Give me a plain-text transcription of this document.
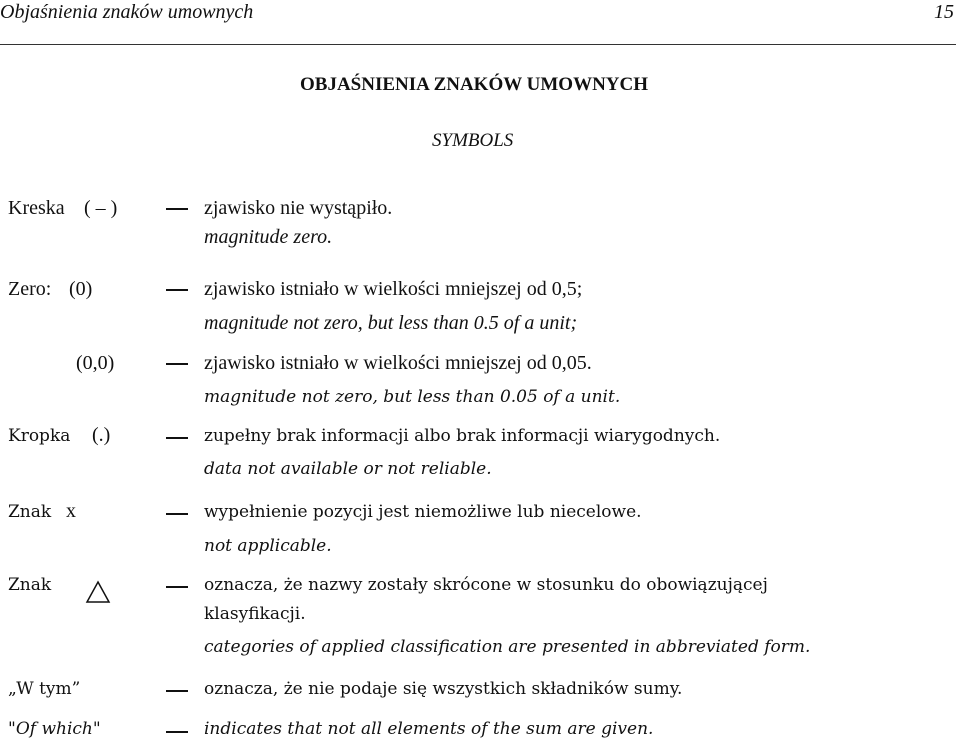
Objaśnienia znaków umownych	15
OBJAŚNIENIA ZNAKÓW UMOWNYCH
SYMBOLS
Kreska ( – )	zjawisko nie wystąpiło.
magnitude zero.
Zero: (0)	zjawisko istniało w wielkości mniejszej od 0,5;
magnitude not zero, but less than 0.5 of a unit;
(0,0)	zjawisko istniało w wielkości mniejszej od 0,05.
magnitude not zero, but less than 0.05 of a unit.
Kropka (.)	zupełny brak informacji albo brak informacji wiarygodnych.
data not available or not reliable.
Znak x	wypełnienie pozycji jest niemożliwe lub niecelowe.
not applicable.
Znak	oznacza, że nazwy zostały skrócone w stosunku do obowiązującej
klasyfikacji.
categories of applied classification are presented in abbreviated form.
„W tym”	oznacza, że nie podaje się wszystkich składników sumy.
"Of which"	indicates that not all elements of the sum are given.
